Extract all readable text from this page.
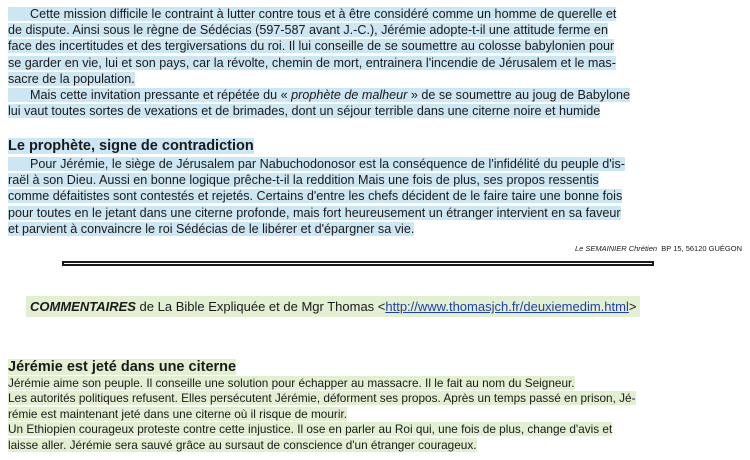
Cette mission difficile le contraint à lutter contre tous et à être considéré comme un homme de querelle et
de dispute. Ainsi sous le règne de Sédécias (597-587 avant J.-C.), Jérémie adopte-t-il une attitude ferme en
face des incertitudes et des tergiversations du roi. Il lui conseille de se soumettre au colosse babylonien pour
se garder en vie, lui et son pays, car la révolte, chemin de mort, entrainera l'incendie de Jérusalem et le mas-
sacre de la population.
Mais cette invitation pressante et répétée du « prophète de malheur » de se soumettre au joug de Babylone
lui vaut toutes sortes de vexations et de brimades, dont un séjour terrible dans une citerne noire et humide
Le prophète, signe de contradiction
Pour Jérémie, le siège de Jérusalem par Nabuchodonosor est la conséquence de l'infidélité du peuple d'is-
raël à son Dieu. Aussi en bonne logique prêche-t-il la reddition Mais une fois de plus, ses propos ressentis
comme défaitistes sont contestés et rejetés. Certains d'entre les chefs décident de le faire taire une bonne fois
pour toutes en le jetant dans une citerne profonde, mais fort heureusement un étranger intervient en sa faveur
et parvient à convaincre le roi Sédécias de le libérer et d'épargner sa vie.
Le SEMAINIER Chrétien BP 15, 56120 GUÉGON
COMMENTAIRES de La Bible Expliquée et de Mgr Thomas <http://www.thomasjch.fr/deuxiemedim.html>
Jérémie est jeté dans une citerne
Jérémie aime son peuple. Il conseille une solution pour échapper au massacre. Il le fait au nom du Seigneur.
Les autorités politiques refusent. Elles persécutent Jérémie, déforment ses propos. Après un temps passé en prison, Jé-
rémie est maintenant jeté dans une citerne où il risque de mourir.
Un Ethiopien courageux proteste contre cette injustice. Il ose en parler au Roi qui, une fois de plus, change d'avis et
laisse aller. Jérémie sera sauvé grâce au sursaut de conscience d'un étranger courageux.
